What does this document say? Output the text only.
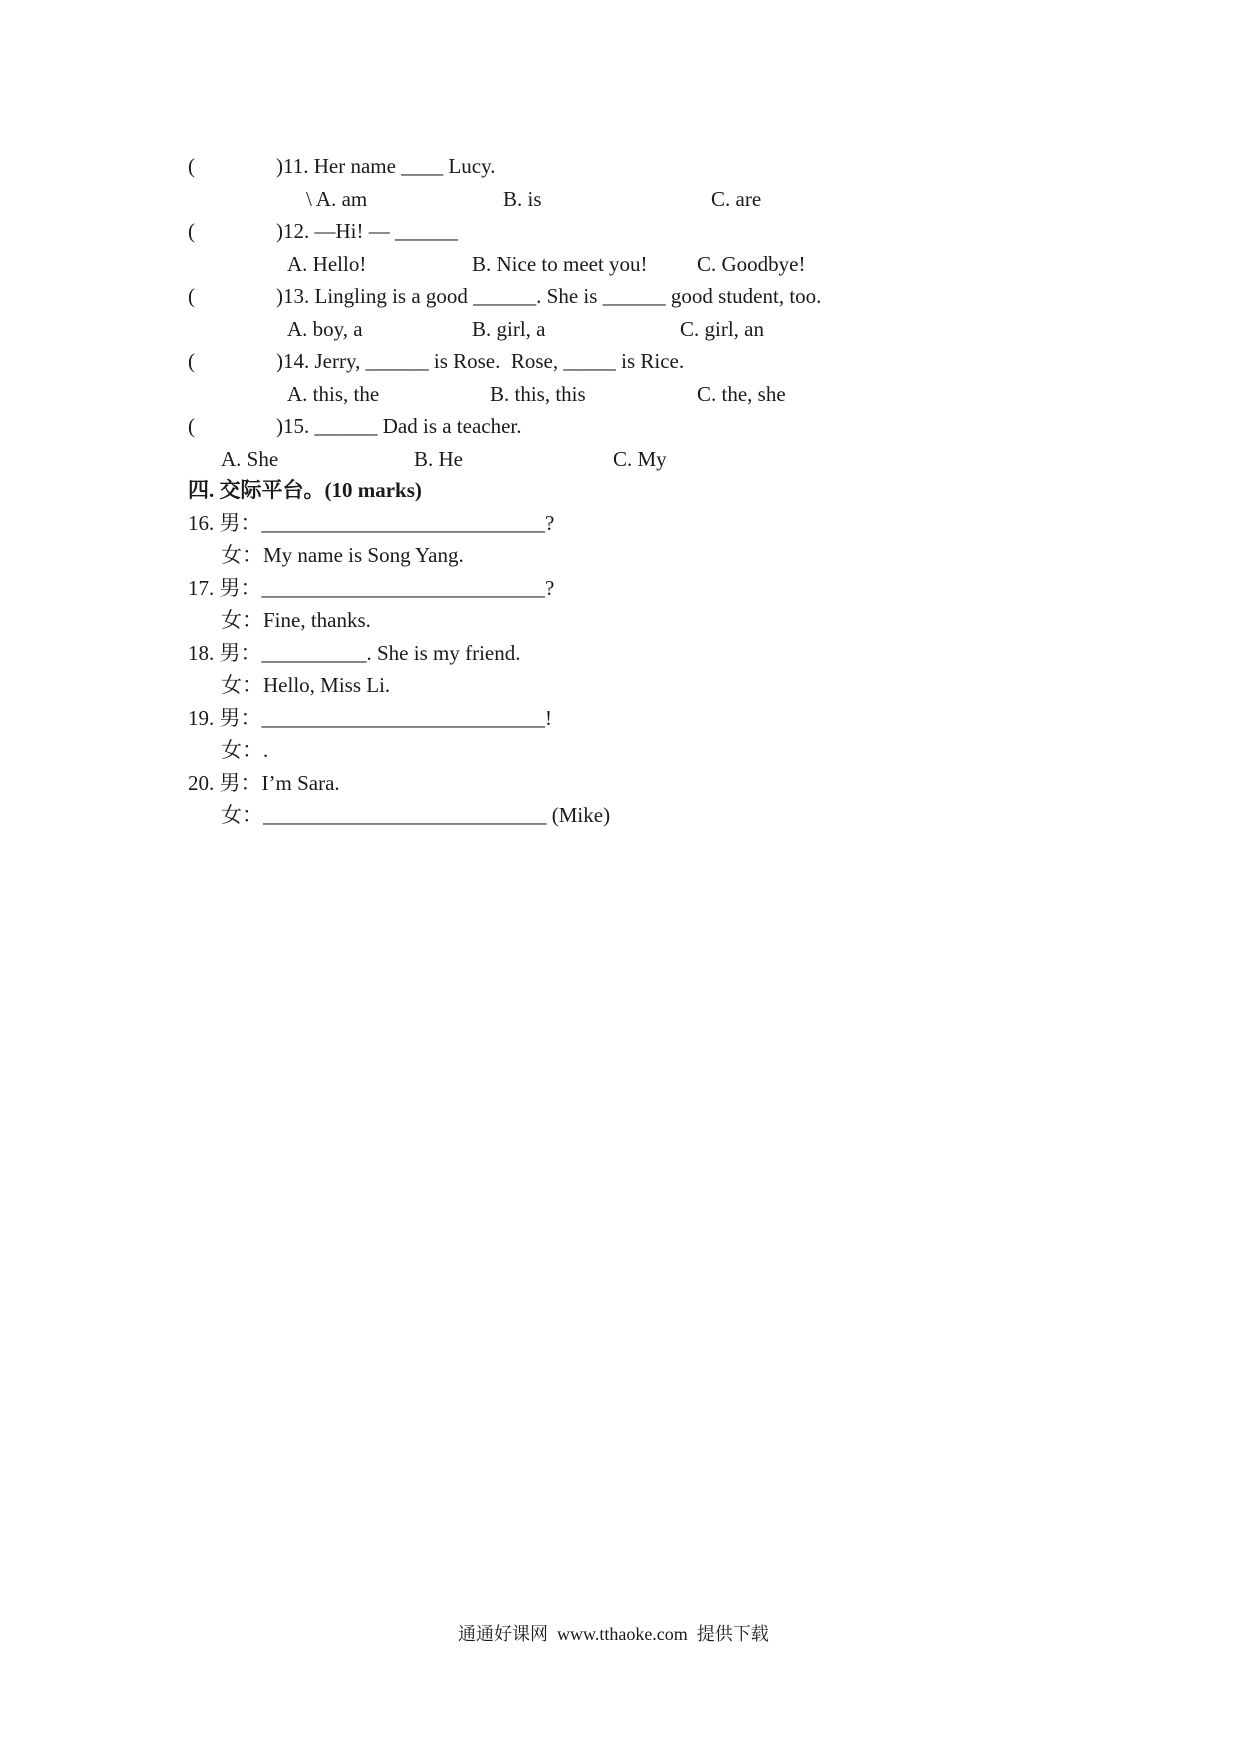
(	)11. Her name ____ Lucy.
\ A. am	B. is	C. are
(	)12. —Hi! — ______
A. Hello!	B. Nice to meet you! C. Goodbye!
(	)13. Lingling is a good ______. She is ______ good student, too.
A. boy, a	B. girl, a	C. girl, an
(	)14. Jerry, ______ is Rose.  Rose, _____ is Rice.
A. this, the	B. this, this	C. the, she
(	)15. ______ Dad is a teacher.
A. She	B. He	C. My
四. 交际平台。(10 marks)
16. 男：___________________________?
女：My name is Song Yang.
17. 男：___________________________?
女：Fine, thanks.
18. 男：__________. She is my friend.
女：Hello, Miss Li.
19. 男：___________________________!
女：.
20. 男：I’m Sara.
女：___________________________ (Mike)
通通好课网  www.tthaoke.com  提供下载
